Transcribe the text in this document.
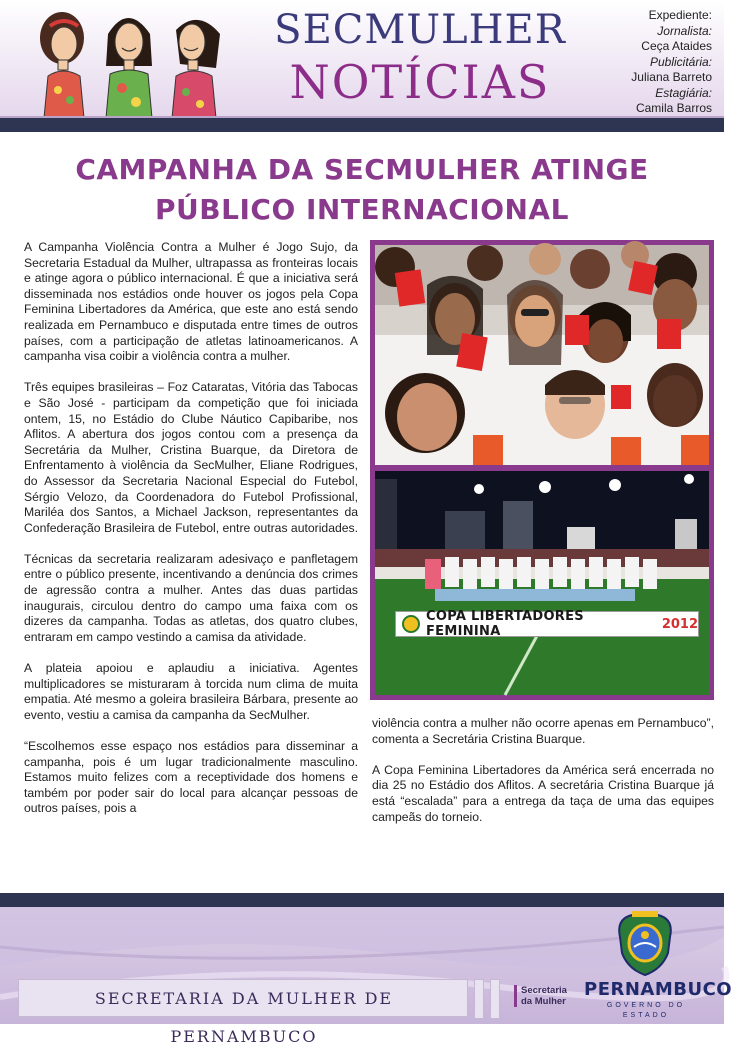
SECMULHER
NOTÍCIAS
Expediente:
Jornalista:
Ceça Ataides
Publicitária:
Juliana Barreto
Estagiária:
Camila Barros
CAMPANHA DA SECMULHER ATINGE
PÚBLICO INTERNACIONAL

A Campanha Violência Contra a Mulher é Jogo Sujo, da Secretaria Estadual da Mulher, ultrapassa as fronteiras locais e atinge agora o público internacional. É que a iniciativa será disseminada nos estádios onde houver os jogos pela Copa Feminina Libertadores da América, que este ano está sendo realizada em Pernambuco e disputada entre times de outros países, com a participação de atletas latinoamericanos. A campanha visa coibir a violência contra a mulher.

Três equipes brasileiras – Foz Cataratas, Vitória das Tabocas e São José - participam da competição que foi iniciada ontem, 15, no Estádio do Clube Náutico Capibaribe, nos Aflitos. A abertura dos jogos contou com a presença da Secretária da Mulher, Cristina Buarque, da Diretora de Enfrentamento à violência da SecMulher, Eliane Rodrigues, do Assessor da Secretaria Nacional Especial do Futebol, Sérgio Velozo, da Coordenadora do Futebol Profissional, Mariléa dos Santos, a Michael Jackson, representantes da Confederação Brasileira de Futebol, entre outras autoridades.

Técnicas da secretaria realizaram adesivaço e panfletagem entre o público presente, incentivando a denúncia dos crimes de agressão contra a mulher. Antes das duas partidas inaugurais, circulou dentro do campo uma faixa com os dizeres da campanha. Todas as atletas, dos quatro clubes, entraram em campo vestindo a camisa da atividade.

A plateia apoiou e aplaudiu a iniciativa. Agentes multiplicadores se misturaram à torcida num clima de muita empatia. Até mesmo a goleira brasileira Bárbara, presente ao evento, vestiu a camisa da campanha da SecMulher.

“Escolhemos esse espaço nos estádios para disseminar a campanha, pois é um lugar tradicionalmente masculino. Estamos muito felizes com a receptividade dos homens e também por poder sair do local para alcançar pessoas de outros países, pois a

COPA LIBERTADORES FEMININA	2012

violência contra a mulher não ocorre apenas em Pernambuco”, comenta a Secretária Cristina Buarque.

A Copa Feminina Libertadores da América será encerrada no dia 25 no Estádio dos Aflitos. A secretária Cristina Buarque já está “escalada” para a entrega da taça de uma das equipes campeãs do torneio.

SECRETARIA DA MULHER DE PERNAMBUCO
Secretaria
da Mulher
PERNAMBUCO
GOVERNO DO ESTADO
